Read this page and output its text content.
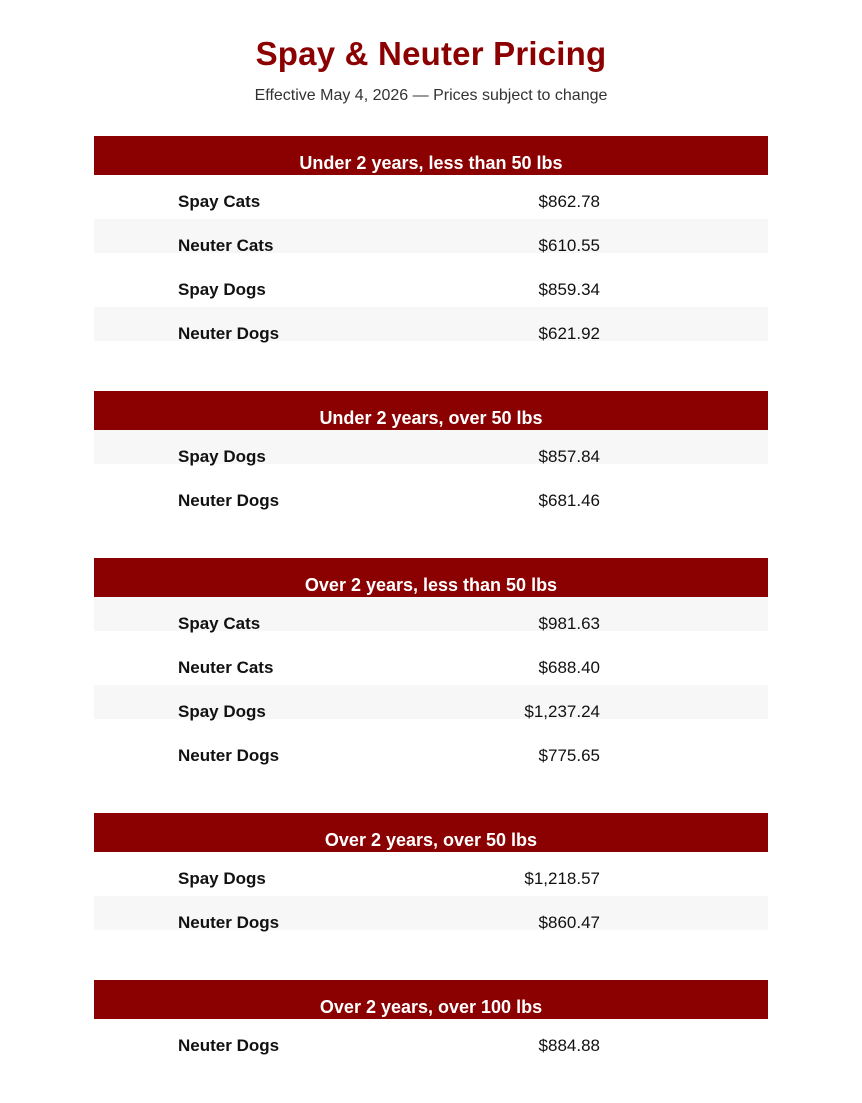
Spay & Neuter Pricing
Effective May 4, 2026 — Prices subject to change
Under 2 years, less than 50 lbs
Spay Cats	$862.78
Neuter Cats	$610.55
Spay Dogs	$859.34
Neuter Dogs	$621.92
Under 2 years, over 50 lbs
Spay Dogs	$857.84
Neuter Dogs	$681.46
Over 2 years, less than 50 lbs
Spay Cats	$981.63
Neuter Cats	$688.40
Spay Dogs	$1,237.24
Neuter Dogs	$775.65
Over 2 years, over 50 lbs
Spay Dogs	$1,218.57
Neuter Dogs	$860.47
Over 2 years, over 100 lbs
Neuter Dogs	$884.88
